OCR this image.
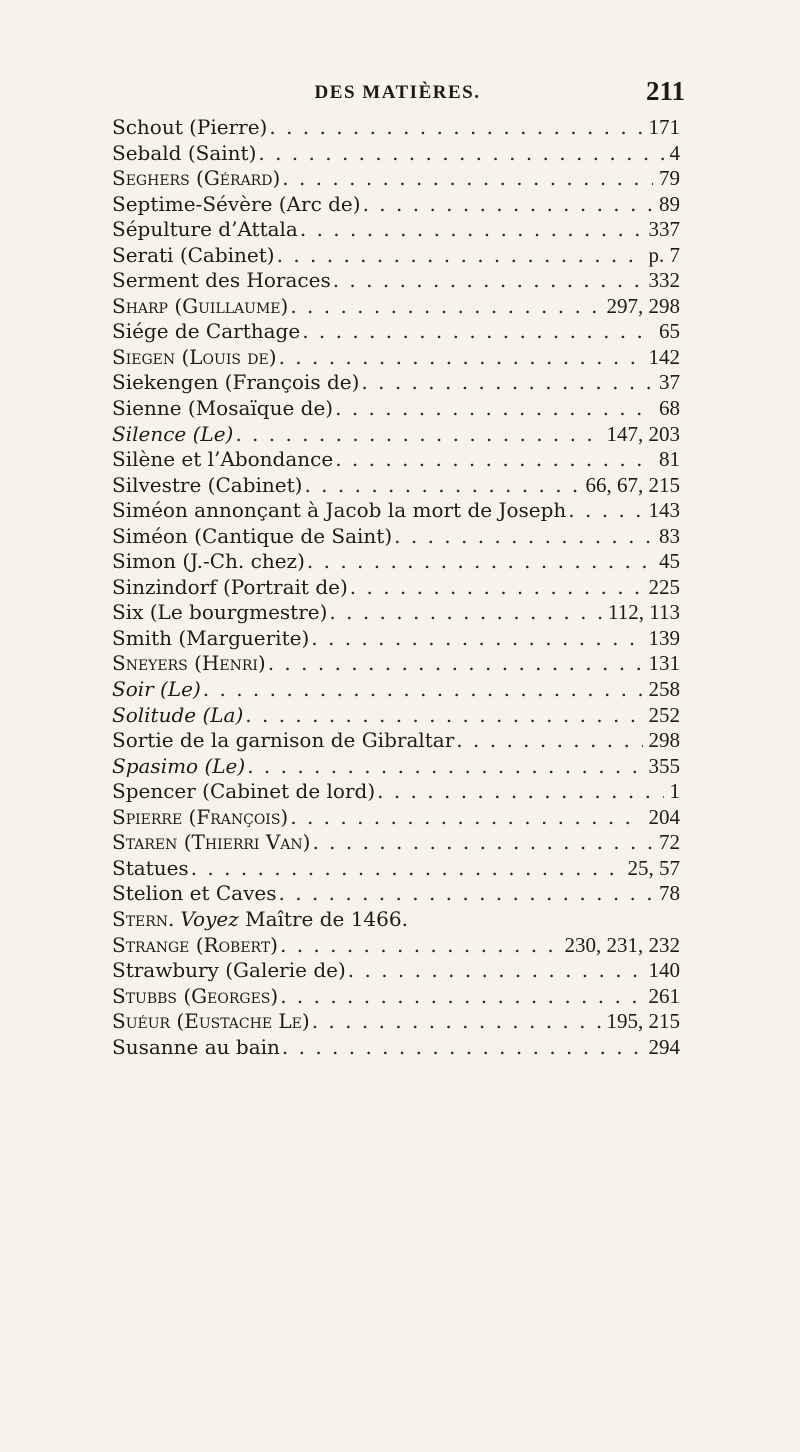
DES MATIÈRES.	211
Schout (Pierre) . . .	171
Sebald (Saint) . . .	4
Seghers (Gérard) . . .	79
Septime-Sévère (Arc de) . . .	89
Sépulture d’Attala . . .	337
Serati (Cabinet) . . .	p. 7
Serment des Horaces . . .	332
Sharp (Guillaume) . . .	297, 298
Siége de Carthage . . .	65
Siegen (Louis de) . . .	142
Siekengen (François de) . . .	37
Sienne (Mosaïque de) . . .	68
Silence (Le) . . .	147, 203
Silène et l’Abondance . . .	81
Silvestre (Cabinet) . . .	66, 67, 215
Siméon annonçant à Jacob la mort de Joseph . . .	143
Siméon (Cantique de Saint) . . .	83
Simon (J.-Ch. chez) . . .	45
Sinzindorf (Portrait de) . . .	225
Six (Le bourgmestre) . . .	112, 113
Smith (Marguerite) . . .	139
Sneyers (Henri) . . .	131
Soir (Le) . . .	258
Solitude (La) . . .	252
Sortie de la garnison de Gibraltar . . .	298
Spasimo (Le) . . .	355
Spencer (Cabinet de lord) . . .	1
Spierre (François) . . .	204
Staren (Thierri Van) . . .	72
Statues . . .	25, 57
Stelion et Caves . . .	78
Stern. Voyez Maître de 1466.
Strange (Robert) . . .	230, 231, 232
Strawbury (Galerie de) . . .	140
Stubbs (Georges) . . .	261
Suéur (Eustache Le) . . .	195, 215
Susanne au bain . . .	294
